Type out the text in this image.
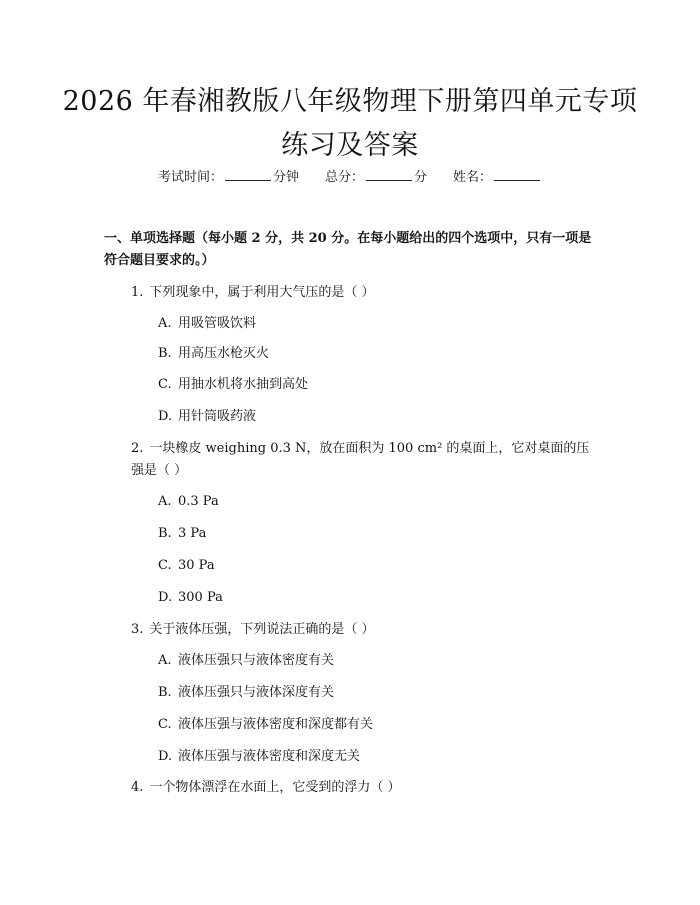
2026 年春湘教版八年级物理下册第四单元专项练习及答案
考试时间：	分钟 总分：	分 姓名：
一、单项选择题（每小题 2 分，共 20 分。在每小题给出的四个选项中，只有一项是符合题目要求的。）
1. 下列现象中，属于利用大气压的是（ ）
A. 用吸管吸饮料
B. 用高压水枪灭火
C. 用抽水机将水抽到高处
D. 用针筒吸药液
2. 一块橡皮 weighing 0.3 N，放在面积为 100 cm² 的桌面上，它对桌面的压强是（ ）
A. 0.3 Pa
B. 3 Pa
C. 30 Pa
D. 300 Pa
3. 关于液体压强，下列说法正确的是（ ）
A. 液体压强只与液体密度有关
B. 液体压强只与液体深度有关
C. 液体压强与液体密度和深度都有关
D. 液体压强与液体密度和深度无关
4. 一个物体漂浮在水面上，它受到的浮力（ ）
